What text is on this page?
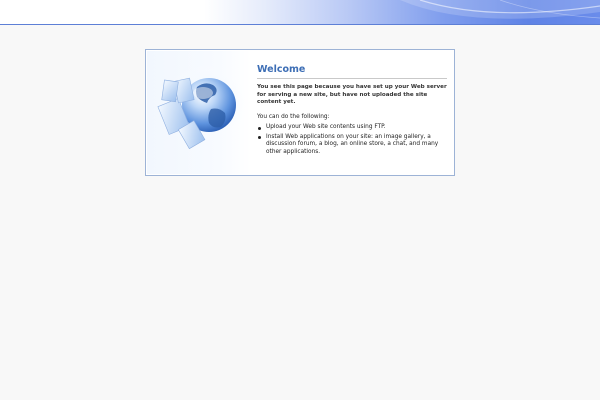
Welcome

You see this page because you have set up your Web server for serving a new site, but have not uploaded the site content yet.

You can do the following:

Upload your Web site contents using FTP.
Install Web applications on your site: an image gallery, a discussion forum, a blog, an online store, a chat, and many other applications.
